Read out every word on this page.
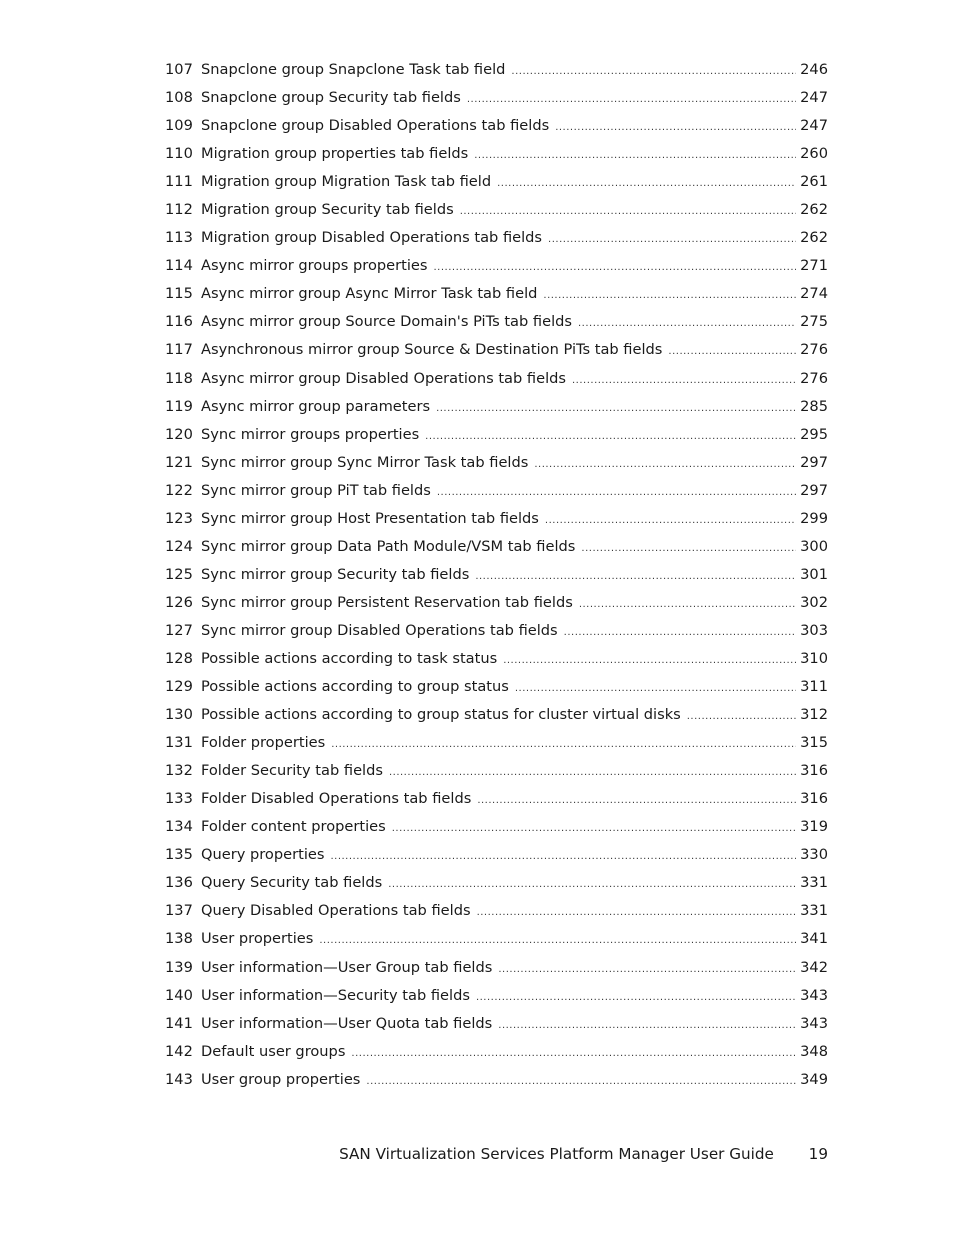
107 Snapclone group Snapclone Task tab field .....	246
108 Snapclone group Security tab fields .....	247
109 Snapclone group Disabled Operations tab fields .....	247
110 Migration group properties tab fields .....	260
111 Migration group Migration Task tab field .....	261
112 Migration group Security tab fields .....	262
113 Migration group Disabled Operations tab fields .....	262
114 Async mirror groups properties .....	271
115 Async mirror group Async Mirror Task tab field .....	274
116 Async mirror group Source Domain's PiTs tab fields .....	275
117 Asynchronous mirror group Source & Destination PiTs tab fields .....	276
118 Async mirror group Disabled Operations tab fields .....	276
119 Async mirror group parameters .....	285
120 Sync mirror groups properties .....	295
121 Sync mirror group Sync Mirror Task tab fields .....	297
122 Sync mirror group PiT tab fields .....	297
123 Sync mirror group Host Presentation tab fields .....	299
124 Sync mirror group Data Path Module/VSM tab fields .....	300
125 Sync mirror group Security tab fields .....	301
126 Sync mirror group Persistent Reservation tab fields .....	302
127 Sync mirror group Disabled Operations tab fields .....	303
128 Possible actions according to task status .....	310
129 Possible actions according to group status .....	311
130 Possible actions according to group status for cluster virtual disks .....	312
131 Folder properties .....	315
132 Folder Security tab fields .....	316
133 Folder Disabled Operations tab fields .....	316
134 Folder content properties .....	319
135 Query properties .....	330
136 Query Security tab fields .....	331
137 Query Disabled Operations tab fields .....	331
138 User properties .....	341
139 User information—User Group tab fields .....	342
140 User information—Security tab fields .....	343
141 User information—User Quota tab fields .....	343
142 Default user groups .....	348
143 User group properties .....	349
SAN Virtualization Services Platform Manager User Guide 19
